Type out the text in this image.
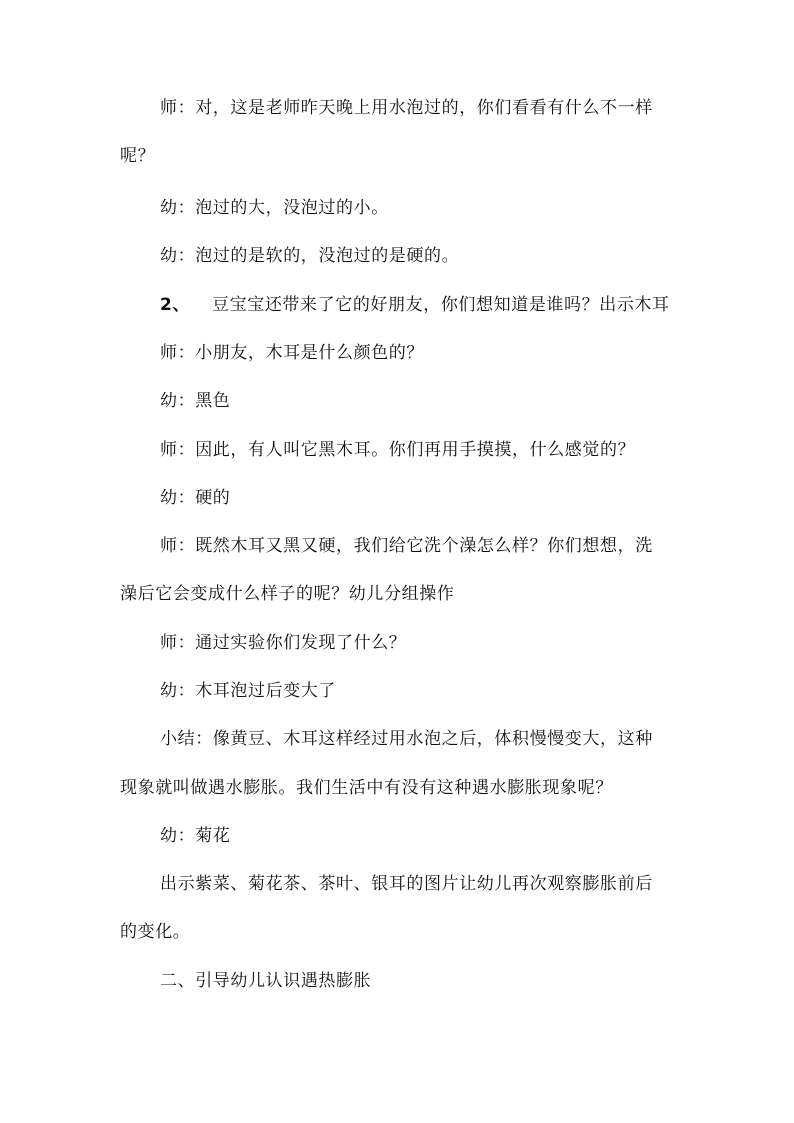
师：对，这是老师昨天晚上用水泡过的，你们看看有什么不一样
呢？
幼：泡过的大，没泡过的小。
幼：泡过的是软的，没泡过的是硬的。
2、 豆宝宝还带来了它的好朋友，你们想知道是谁吗？出示木耳
师：小朋友，木耳是什么颜色的？
幼：黑色
师：因此，有人叫它黑木耳。你们再用手摸摸，什么感觉的？
幼：硬的
师：既然木耳又黑又硬，我们给它洗个澡怎么样？你们想想，洗
澡后它会变成什么样子的呢？幼儿分组操作
师：通过实验你们发现了什么？
幼：木耳泡过后变大了
小结：像黄豆、木耳这样经过用水泡之后，体积慢慢变大，这种
现象就叫做遇水膨胀。我们生活中有没有这种遇水膨胀现象呢？
幼：菊花
出示紫菜、菊花茶、茶叶、银耳的图片让幼儿再次观察膨胀前后
的变化。
二、引导幼儿认识遇热膨胀
